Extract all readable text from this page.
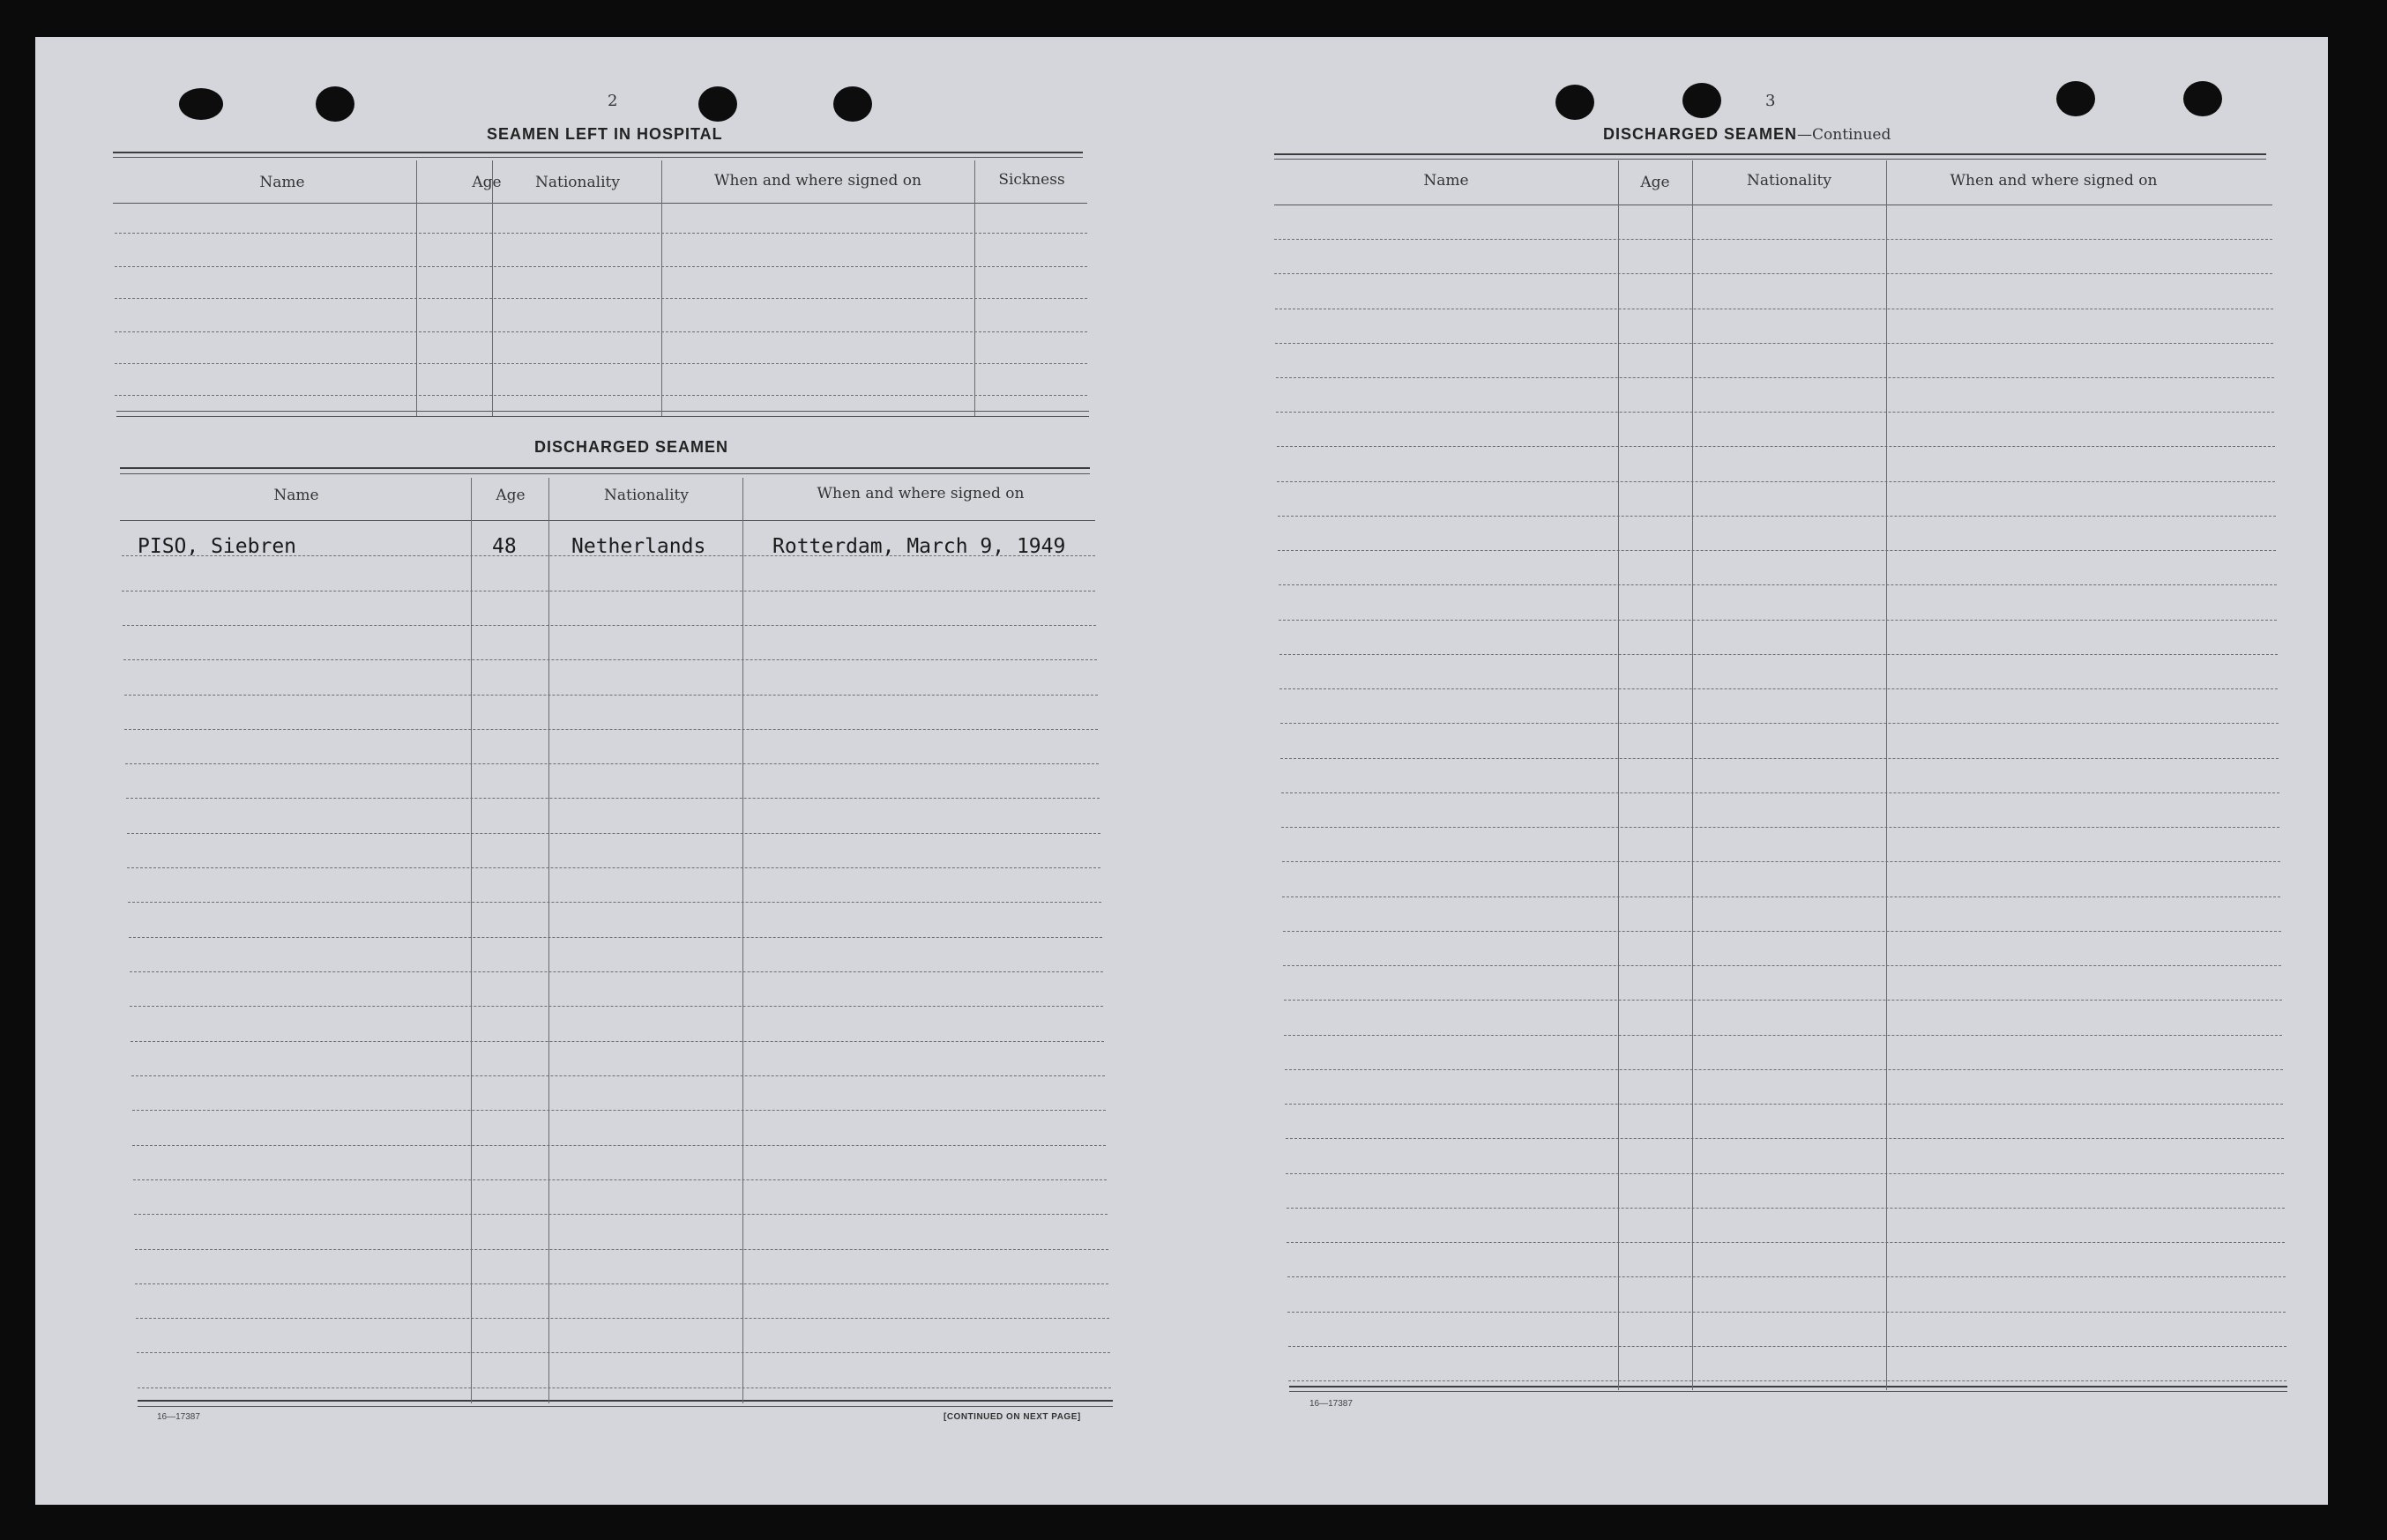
2
SEAMEN LEFT IN HOSPITAL
Name	Age	Nationality	When and where signed on	Sickness
DISCHARGED SEAMEN
Name	Age	Nationality	When and where signed on
PISO, Siebren	48	Netherlands	Rotterdam, March 9, 1949
16—17387	[CONTINUED ON NEXT PAGE]
3
DISCHARGED SEAMEN—Continued
Name	Age	Nationality	When and where signed on
16—17387
